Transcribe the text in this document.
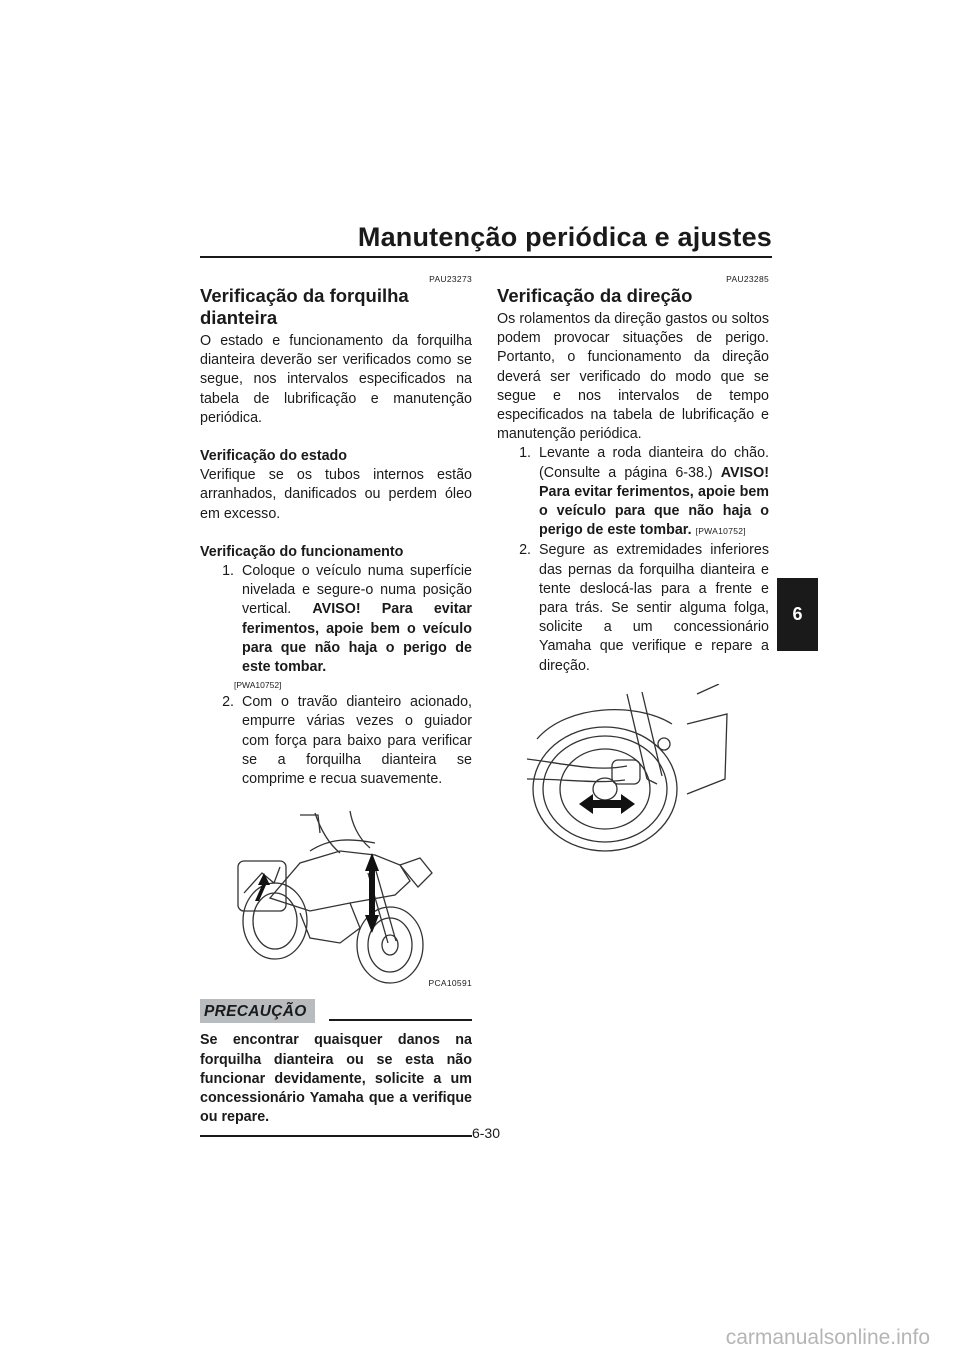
Manutenção periódica e ajustes
6
PAU23273
Verificação da forquilha dianteira

O estado e funcionamento da forquilha dianteira deverão ser verificados como se segue, nos intervalos especificados na tabela de lubrificação e manutenção periódica.

Verificação do estado

Verifique se os tubos internos estão arranhados, danificados ou perdem óleo em excesso.

Verificação do funcionamento
1. Coloque o veículo numa superfície nivelada e segure-o numa posição vertical. AVISO! Para evitar ferimentos, apoie bem o veículo para que não haja o perigo de este tombar.
[PWA10752]
2. Com o travão dianteiro acionado, empurre várias vezes o guiador com força para baixo para verificar se a forquilha dianteira se comprime e recua suavemente.
PCA10591
PRECAUÇÃO
Se encontrar quaisquer danos na forquilha dianteira ou se esta não funcionar devidamente, solicite a um concessionário Yamaha que a verifique ou repare.
PAU23285
Verificação da direção

Os rolamentos da direção gastos ou soltos podem provocar situações de perigo. Portanto, o funcionamento da direção deverá ser verificado do modo que se segue e nos intervalos de tempo especificados na tabela de lubrificação e manutenção periódica.

1. Levante a roda dianteira do chão. (Consulte a página 6-38.) AVISO! Para evitar ferimentos, apoie bem o veículo para que não haja o perigo de este tombar. [PWA10752]
2. Segure as extremidades inferiores das pernas da forquilha dianteira e tente deslocá-las para a frente e para trás. Se sentir alguma folga, solicite a um concessionário Yamaha que verifique e repare a direção.
6-30
carmanualsonline.info
